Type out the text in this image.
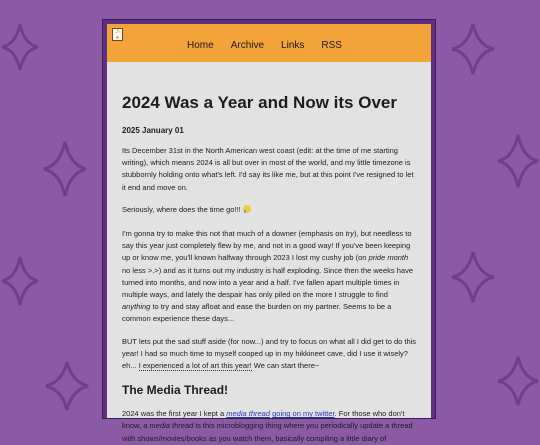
ニャ
Home Archive Links RSS
2024 Was a Year and Now its Over
2025 January 01

Its December 31st in the North American west coast (edit: at the time of me starting writing), which means 2024 is all but over in most of the world, and my little timezone is stubbornly holding onto what's left. I'd say its like me, but at this point I've resigned to let it end and move on.

Seriously, where does the time go!!!

I'm gonna try to make this not that much of a downer (emphasis on try), but needless to say this year just completely flew by me, and not in a good way! If you've been keeping up or know me, you'll known halfway through 2023 I lost my cushy job (on pride month no less >.>) and as it turns out my industry is half exploding. Since then the weeks have turned into months, and now into a year and a half. I've fallen apart multiple times in multiple ways, and lately the despair has only piled on the more I struggle to find anything to try and stay afloat and ease the burden on my partner. Seems to be a common experience these days...

BUT lets put the sad stuff aside (for now...) and try to focus on what all I did get to do this year! I had so much time to myself cooped up in my hikkineet cave, did I use it wisely? eh... I experienced a lot of art this year! We can start there~

The Media Thread!

2024 was the first year I kept a media thread going on my twitter. For those who don't know, a media thread is this microblogging thing where you periodically update a thread with shows/movies/books as you watch them, basically compiling a little diary of
